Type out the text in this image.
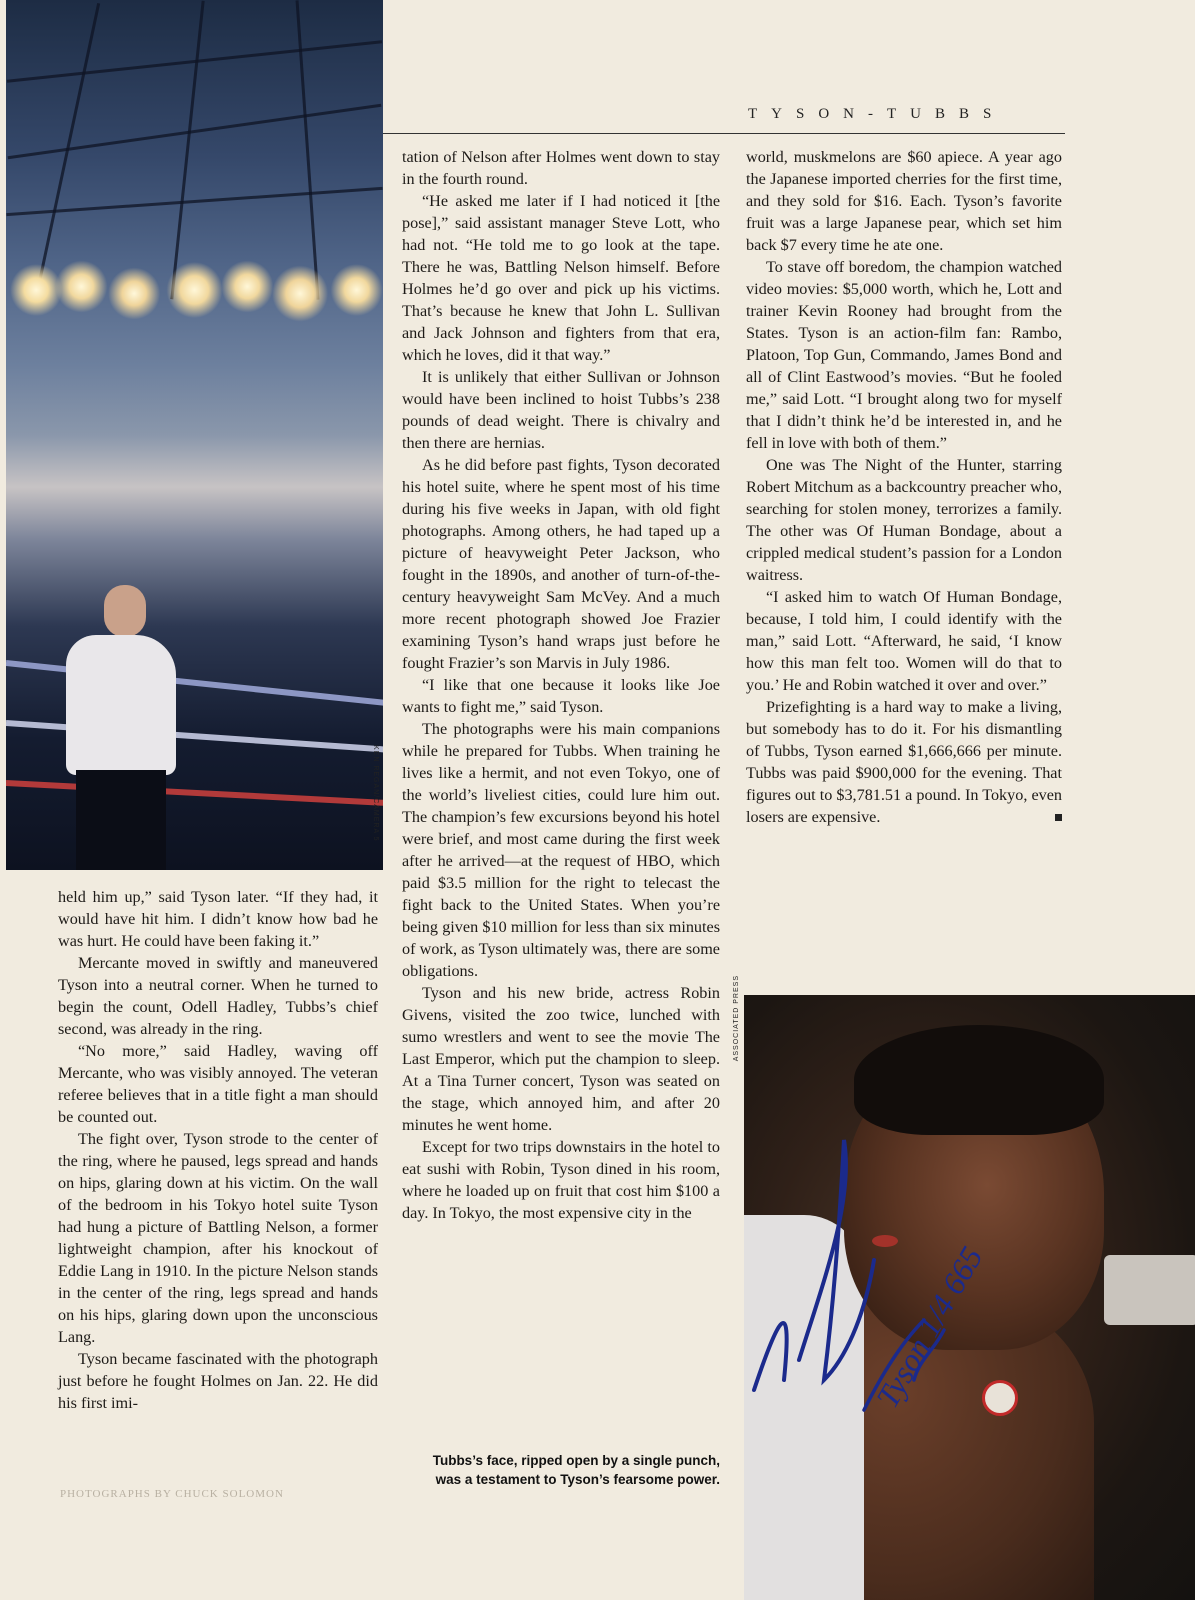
KEN REGAN/CAMERA 5
TYSON-TUBBS

held him up,” said Tyson later. “If they had, it would have hit him. I didn’t know how bad he was hurt. He could have been faking it.”

Mercante moved in swiftly and maneuvered Tyson into a neutral corner. When he turned to begin the count, Odell Hadley, Tubbs’s chief second, was already in the ring.

“No more,” said Hadley, waving off Mercante, who was visibly annoyed. The veteran referee believes that in a title fight a man should be counted out.

The fight over, Tyson strode to the center of the ring, where he paused, legs spread and hands on hips, glaring down at his victim. On the wall of the bedroom in his Tokyo hotel suite Tyson had hung a picture of Battling Nelson, a former lightweight champion, after his knockout of Eddie Lang in 1910. In the picture Nelson stands in the center of the ring, legs spread and hands on his hips, glaring down upon the unconscious Lang.

Tyson became fascinated with the photograph just before he fought Holmes on Jan. 22. He did his first imi-

tation of Nelson after Holmes went down to stay in the fourth round.

“He asked me later if I had noticed it [the pose],” said assistant manager Steve Lott, who had not. “He told me to go look at the tape. There he was, Battling Nelson himself. Before Holmes he’d go over and pick up his victims. That’s because he knew that John L. Sullivan and Jack Johnson and fighters from that era, which he loves, did it that way.”

It is unlikely that either Sullivan or Johnson would have been inclined to hoist Tubbs’s 238 pounds of dead weight. There is chivalry and then there are hernias.

As he did before past fights, Tyson decorated his hotel suite, where he spent most of his time during his five weeks in Japan, with old fight photographs. Among others, he had taped up a picture of heavyweight Peter Jackson, who fought in the 1890s, and another of turn-of-the-century heavyweight Sam McVey. And a much more recent photograph showed Joe Frazier examining Tyson’s hand wraps just before he fought Frazier’s son Marvis in July 1986.

“I like that one because it looks like Joe wants to fight me,” said Tyson.

The photographs were his main companions while he prepared for Tubbs. When training he lives like a hermit, and not even Tokyo, one of the world’s liveliest cities, could lure him out. The champion’s few excursions beyond his hotel were brief, and most came during the first week after he arrived—at the request of HBO, which paid $3.5 million for the right to telecast the fight back to the United States. When you’re being given $10 million for less than six minutes of work, as Tyson ultimately was, there are some obligations.

Tyson and his new bride, actress Robin Givens, visited the zoo twice, lunched with sumo wrestlers and went to see the movie The Last Emperor, which put the champion to sleep. At a Tina Turner concert, Tyson was seated on the stage, which annoyed him, and after 20 minutes he went home.

Except for two trips downstairs in the hotel to eat sushi with Robin, Tyson dined in his room, where he loaded up on fruit that cost him $100 a day. In Tokyo, the most expensive city in the

world, muskmelons are $60 apiece. A year ago the Japanese imported cherries for the first time, and they sold for $16. Each. Tyson’s favorite fruit was a large Japanese pear, which set him back $7 every time he ate one.

To stave off boredom, the champion watched video movies: $5,000 worth, which he, Lott and trainer Kevin Rooney had brought from the States. Tyson is an action-film fan: Rambo, Platoon, Top Gun, Commando, James Bond and all of Clint Eastwood’s movies. “But he fooled me,” said Lott. “I brought along two for myself that I didn’t think he’d be interested in, and he fell in love with both of them.”

One was The Night of the Hunter, starring Robert Mitchum as a backcountry preacher who, searching for stolen money, terrorizes a family. The other was Of Human Bondage, about a crippled medical student’s passion for a London waitress.

“I asked him to watch Of Human Bondage, because, I told him, I could identify with the man,” said Lott. “Afterward, he said, ‘I know how this man felt too. Women will do that to you.’ He and Robin watched it over and over.”

Prizefighting is a hard way to make a living, but somebody has to do it. For his dismantling of Tubbs, Tyson earned $1,666,666 per minute. Tubbs was paid $900,000 for the evening. That figures out to $3,781.51 a pound. In Tokyo, even losers are expensive.

Tubbs’s face, ripped open by a single punch,
was a testament to Tyson’s fearsome power.
ASSOCIATED PRESS
Tyson 1/4 665
PHOTOGRAPHS BY CHUCK SOLOMON
